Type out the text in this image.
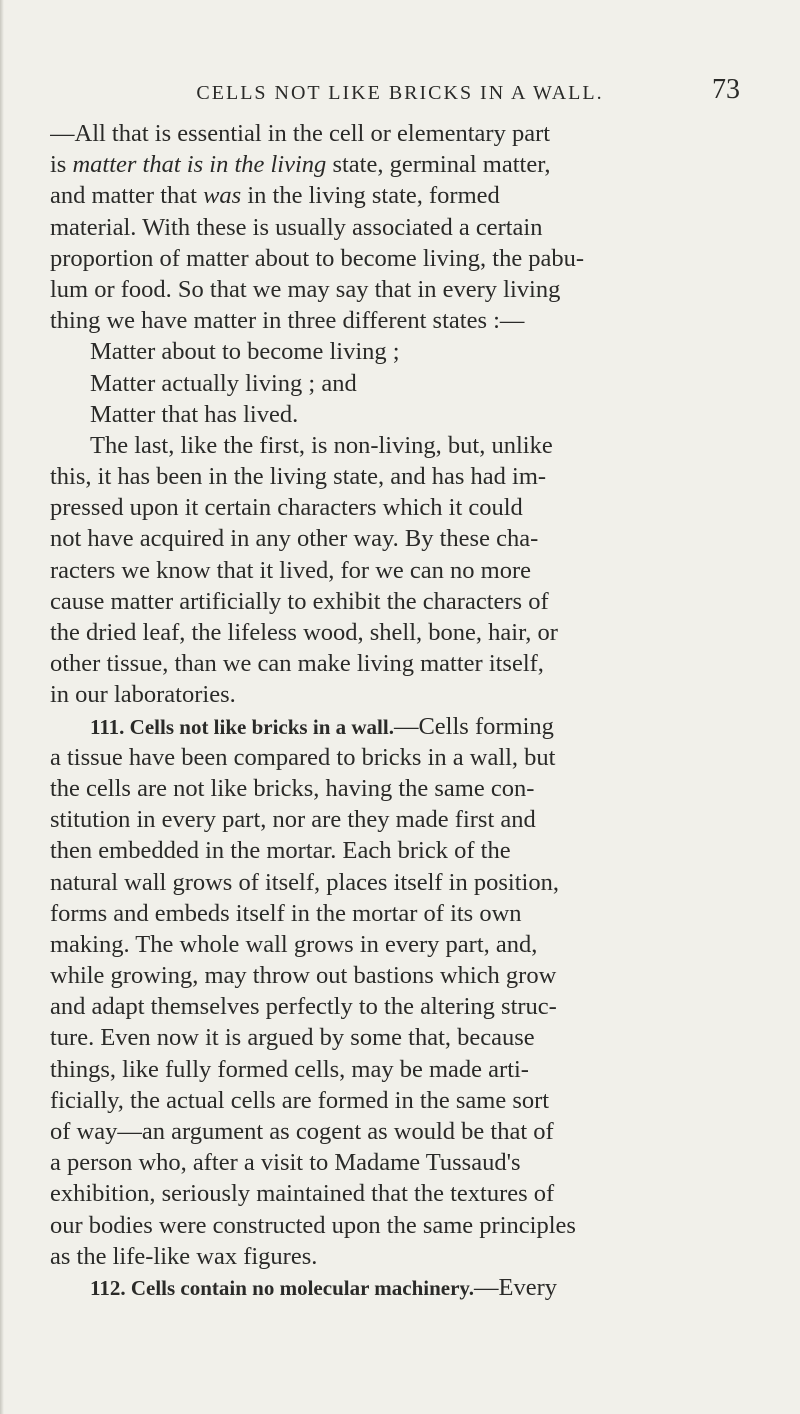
CELLS NOT LIKE BRICKS IN A WALL.	73
—All that is essential in the cell or elementary part
is matter that is in the living state, germinal matter,
and matter that was in the living state, formed
material. With these is usually associated a certain
proportion of matter about to become living, the pabu-
lum or food. So that we may say that in every living
thing we have matter in three different states :—
Matter about to become living ;
Matter actually living ; and
Matter that has lived.
The last, like the first, is non-living, but, unlike
this, it has been in the living state, and has had im-
pressed upon it certain characters which it could
not have acquired in any other way. By these cha-
racters we know that it lived, for we can no more
cause matter artificially to exhibit the characters of
the dried leaf, the lifeless wood, shell, bone, hair, or
other tissue, than we can make living matter itself,
in our laboratories.
111. Cells not like bricks in a wall.—Cells forming
a tissue have been compared to bricks in a wall, but
the cells are not like bricks, having the same con-
stitution in every part, nor are they made first and
then embedded in the mortar. Each brick of the
natural wall grows of itself, places itself in position,
forms and embeds itself in the mortar of its own
making. The whole wall grows in every part, and,
while growing, may throw out bastions which grow
and adapt themselves perfectly to the altering struc-
ture. Even now it is argued by some that, because
things, like fully formed cells, may be made arti-
ficially, the actual cells are formed in the same sort
of way—an argument as cogent as would be that of
a person who, after a visit to Madame Tussaud's
exhibition, seriously maintained that the textures of
our bodies were constructed upon the same principles
as the life-like wax figures.
112. Cells contain no molecular machinery.—Every
